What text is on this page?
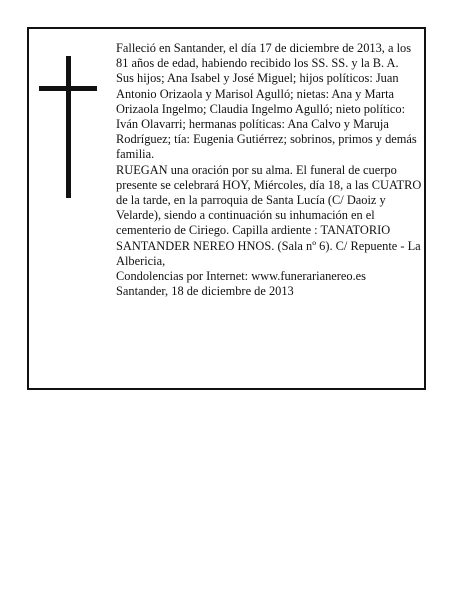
Falleció en Santander, el día 17 de diciembre de 2013, a los 81 años de edad, habiendo recibido los SS. SS. y la B. A.

Sus hijos; Ana Isabel y José Miguel; hijos políticos: Juan Antonio Orizaola y Marisol Agulló; nietas: Ana y Marta Orizaola Ingelmo; Claudia Ingelmo Agulló; nieto político: Iván Olavarri; hermanas políticas: Ana Calvo y Maruja Rodríguez; tía: Eugenia Gutiérrez; sobrinos, primos y demás familia.

RUEGAN una oración por su alma. El funeral de cuerpo presente se celebrará HOY, Miércoles, día 18, a las CUATRO de la tarde, en la parroquia de Santa Lucía (C/ Daoiz y Velarde), siendo a continuación su inhumación en el cementerio de Ciriego. Capilla ardiente : TANATORIO SANTANDER NEREO HNOS. (Sala nº 6). C/ Repuente - La Albericia,

Condolencias por Internet: www.funerarianereo.es

Santander, 18 de diciembre de 2013
